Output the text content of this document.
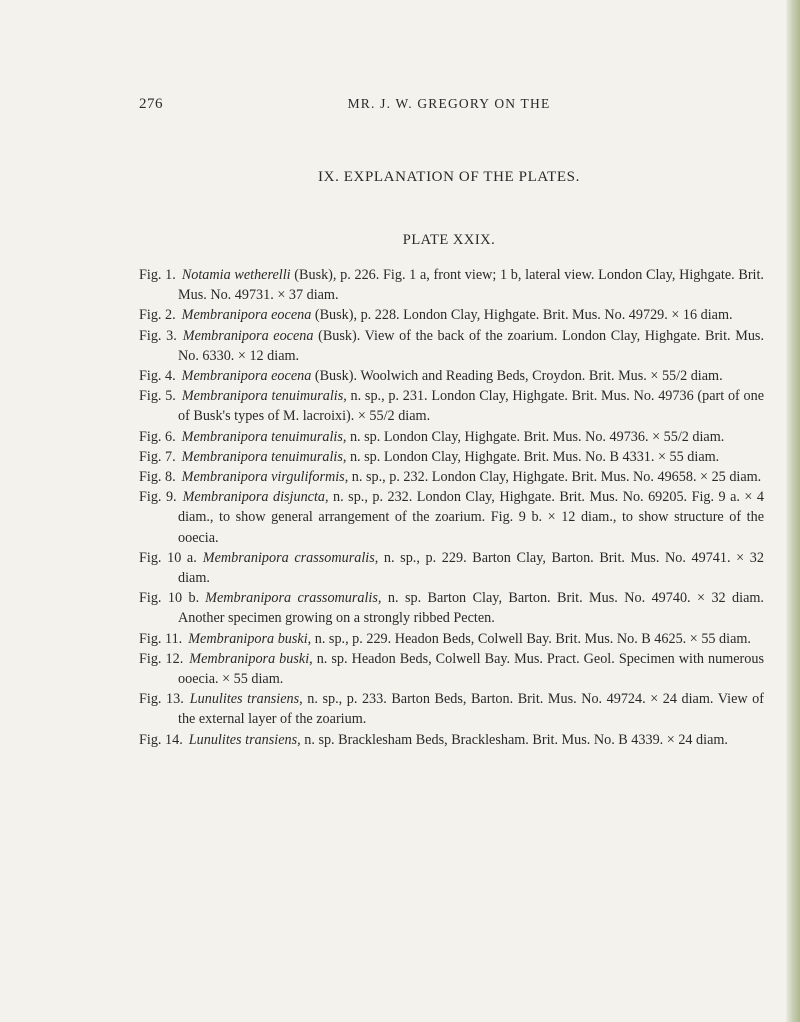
276	MR. J. W. GREGORY ON THE
IX. EXPLANATION OF THE PLATES.
PLATE XXIX.
Fig. 1. Notamia wetherelli (Busk), p. 226. Fig. 1 a, front view; 1 b, lateral view. London Clay, Highgate. Brit. Mus. No. 49731. × 37 diam.
Fig. 2. Membranipora eocena (Busk), p. 228. London Clay, Highgate. Brit. Mus. No. 49729. × 16 diam.
Fig. 3. Membranipora eocena (Busk). View of the back of the zoarium. London Clay, Highgate. Brit. Mus. No. 6330. × 12 diam.
Fig. 4. Membranipora eocena (Busk). Woolwich and Reading Beds, Croydon. Brit. Mus. × 55/2 diam.
Fig. 5. Membranipora tenuimuralis, n. sp., p. 231. London Clay, Highgate. Brit. Mus. No. 49736 (part of one of Busk's types of M. lacroixi). × 55/2 diam.
Fig. 6. Membranipora tenuimuralis, n. sp. London Clay, Highgate. Brit. Mus. No. 49736. × 55/2 diam.
Fig. 7. Membranipora tenuimuralis, n. sp. London Clay, Highgate. Brit. Mus. No. B 4331. × 55 diam.
Fig. 8. Membranipora virguliformis, n. sp., p. 232. London Clay, Highgate. Brit. Mus. No. 49658. × 25 diam.
Fig. 9. Membranipora disjuncta, n. sp., p. 232. London Clay, Highgate. Brit. Mus. No. 69205. Fig. 9 a. × 4 diam., to show general arrangement of the zoarium. Fig. 9 b. × 12 diam., to show structure of the ooecia.
Fig. 10 a. Membranipora crassomuralis, n. sp., p. 229. Barton Clay, Barton. Brit. Mus. No. 49741. × 32 diam.
Fig. 10 b. Membranipora crassomuralis, n. sp. Barton Clay, Barton. Brit. Mus. No. 49740. × 32 diam. Another specimen growing on a strongly ribbed Pecten.
Fig. 11. Membranipora buski, n. sp., p. 229. Headon Beds, Colwell Bay. Brit. Mus. No. B 4625. × 55 diam.
Fig. 12. Membranipora buski, n. sp. Headon Beds, Colwell Bay. Mus. Pract. Geol. Specimen with numerous ooecia. × 55 diam.
Fig. 13. Lunulites transiens, n. sp., p. 233. Barton Beds, Barton. Brit. Mus. No. 49724. × 24 diam. View of the external layer of the zoarium.
Fig. 14. Lunulites transiens, n. sp. Bracklesham Beds, Bracklesham. Brit. Mus. No. B 4339. × 24 diam.
